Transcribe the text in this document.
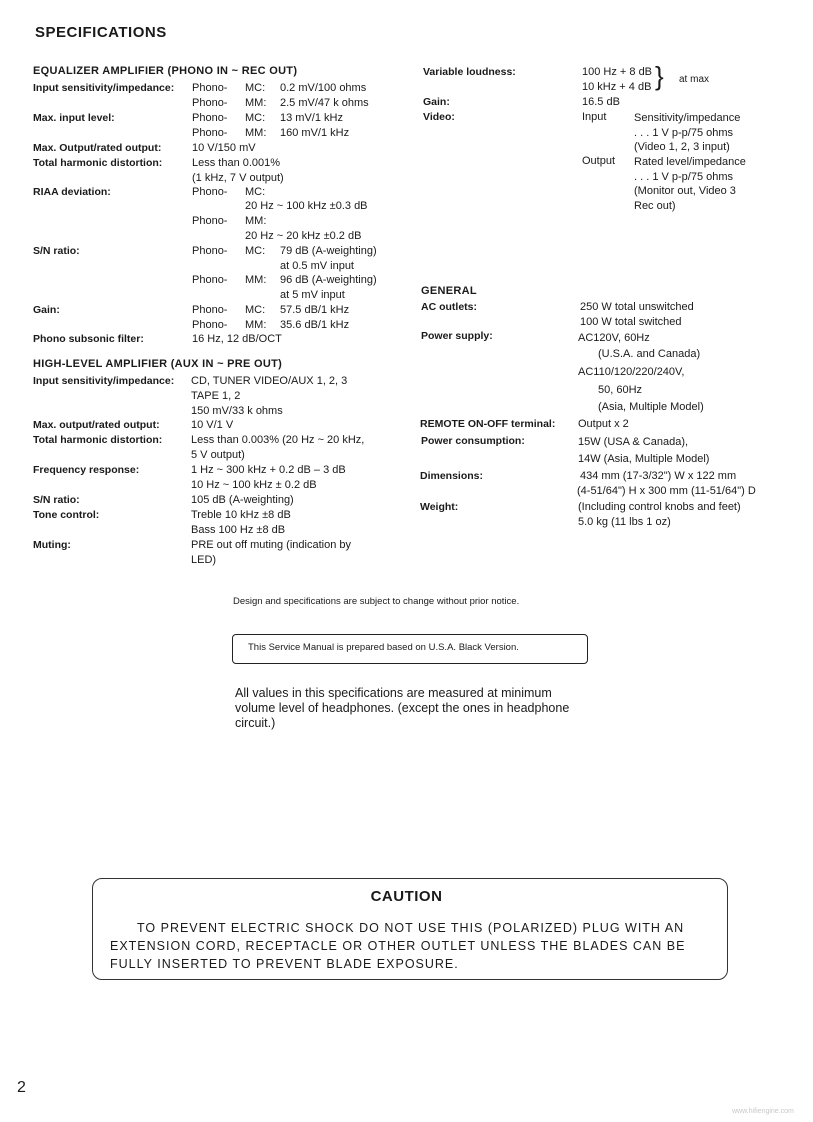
SPECIFICATIONS
EQUALIZER AMPLIFIER (PHONO IN ~ REC OUT)
Input sensitivity/impedance: Phono- MC: 0.2 mV/100 ohms
Phono- MM: 2.5 mV/47 k ohms
Max. input level:	Phono- MC: 13 mV/1 kHz
Phono- MM: 160 mV/1 kHz
Max. Output/rated output:	10 V/150 mV
Total harmonic distortion:	Less than 0.001%
(1 kHz, 7 V output)
RIAA deviation:	Phono- MC:
20 Hz ~ 100 kHz ±0.3 dB
Phono- MM:
20 Hz ~ 20 kHz ±0.2 dB
S/N ratio:	Phono- MC: 79 dB (A-weighting)
at 0.5 mV input
Phono- MM: 96 dB (A-weighting)
at 5 mV input
Gain:	Phono- MC: 57.5 dB/1 kHz
Phono- MM: 35.6 dB/1 kHz
Phono subsonic filter:	16 Hz, 12 dB/OCT
HIGH-LEVEL AMPLIFIER (AUX IN ~ PRE OUT)
Input sensitivity/impedance: CD, TUNER VIDEO/AUX 1, 2, 3
TAPE 1, 2
150 mV/33 k ohms
Max. output/rated output:	10 V/1 V
Total harmonic distortion:	Less than 0.003% (20 Hz ~ 20 kHz,
5 V output)
Frequency response:	1 Hz ~ 300 kHz + 0.2 dB – 3 dB
10 Hz ~ 100 kHz ± 0.2 dB
S/N ratio:	105 dB (A-weighting)
Tone control:	Treble 10 kHz ±8 dB
Bass 100 Hz ±8 dB
Muting:	PRE out off muting (indication by
LED)
Variable loudness:	100 Hz + 8 dB
10 kHz + 4 dB } at max
Gain:	16.5 dB
Video:	Input	Sensitivity/impedance
. . . 1 V p-p/75 ohms
(Video 1, 2, 3 input)
Output Rated level/impedance
. . . 1 V p-p/75 ohms
(Monitor out, Video 3
Rec out)
GENERAL
AC outlets:	250 W total unswitched
100 W total switched
Power supply:	AC120V, 60Hz
(U.S.A. and Canada)
AC110/120/220/240V,
50, 60Hz
(Asia, Multiple Model)
REMOTE ON-OFF terminal: Output x 2
Power consumption:	15W (USA & Canada),
14W (Asia, Multiple Model)
Dimensions:	434 mm (17-3/32") W x 122 mm
(4-51/64") H x 300 mm (11-51/64") D
Weight:	(Including control knobs and feet)
5.0 kg (11 lbs 1 oz)
Design and specifications are subject to change without prior notice.
This Service Manual is prepared based on U.S.A. Black Version.
All values in this specifications are measured at minimum
volume level of headphones. (except the ones in headphone
circuit.)
CAUTION
TO PREVENT ELECTRIC SHOCK DO NOT USE THIS (POLARIZED) PLUG WITH AN
EXTENSION CORD, RECEPTACLE OR OTHER OUTLET UNLESS THE BLADES CAN BE
FULLY INSERTED TO PREVENT BLADE EXPOSURE.
2
www.hifiengine.com
